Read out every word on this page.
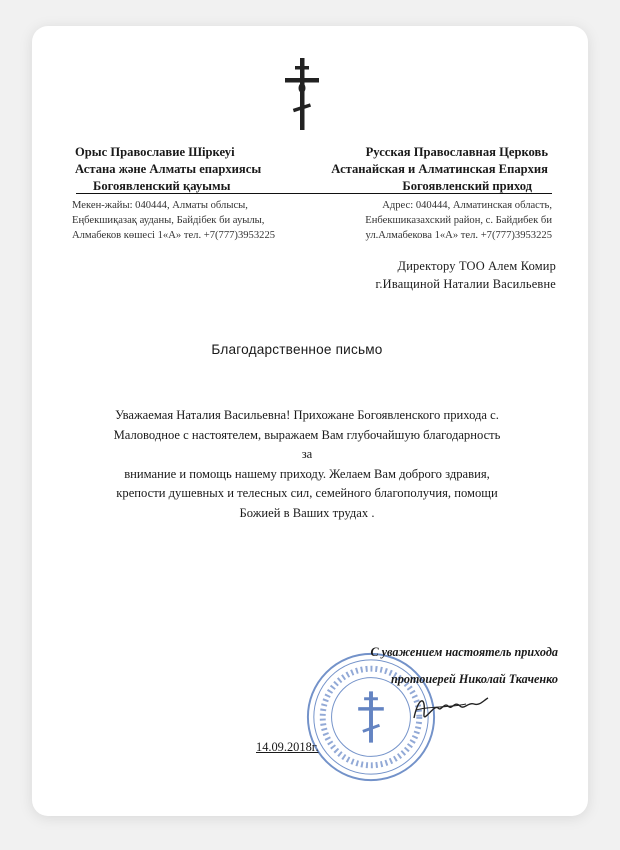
Орыс Православие Шіркеуі
Астана және Алматы епархиясы
Богоявленский қауымы
Русская Православная Церковь
Астанайская и Алматинская Епархия
Богоявленский приход
Мекен-жайы: 040444, Алматы облысы,
Еңбекшиқазақ ауданы, Байдібек би ауылы,
Алмабеков көшесі 1«А» тел. +7(777)3953225
Адрес: 040444, Алматинская область,
Енбекшиказахский район, с. Байдибек би
ул.Алмабекова 1«А» тел. +7(777)3953225
Директору ТОО Алем Комир
г.Иващиной Наталии Васильевне
Благодарственное письмо
Уважаемая Наталия Васильевна! Прихожане Богоявленского прихода с.
Маловодное с настоятелем, выражаем Вам глубочайшую благодарность за
внимание и помощь нашему приходу. Желаем Вам доброго здравия,
крепости душевных и телесных сил, семейного благополучия, помощи
Божией в Ваших трудах .
С уважением настоятель прихода
протоиерей Николай Ткаченко
14.09.2018г.
